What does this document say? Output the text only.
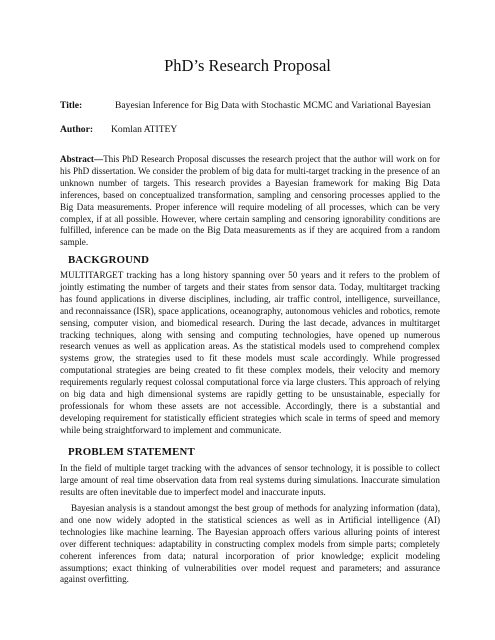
PhD’s Research Proposal
Title:	Bayesian Inference for Big Data with Stochastic MCMC and Variational Bayesian
Author: Komlan ATITEY
Abstract—This PhD Research Proposal discusses the research project that the author will work on for his PhD dissertation. We consider the problem of big data for multi-target tracking in the presence of an unknown number of targets. This research provides a Bayesian framework for making Big Data inferences, based on conceptualized transformation, sampling and censoring processes applied to the Big Data measurements. Proper inference will require modeling of all processes, which can be very complex, if at all possible. However, where certain sampling and censoring ignorability conditions are fulfilled, inference can be made on the Big Data measurements as if they are acquired from a random sample.
BACKGROUND
MULTITARGET tracking has a long history spanning over 50 years and it refers to the problem of jointly estimating the number of targets and their states from sensor data. Today, multitarget tracking has found applications in diverse disciplines, including, air traffic control, intelligence, surveillance, and reconnaissance (ISR), space applications, oceanography, autonomous vehicles and robotics, remote sensing, computer vision, and biomedical research. During the last decade, advances in multitarget tracking techniques, along with sensing and computing technologies, have opened up numerous research venues as well as application areas. As the statistical models used to comprehend complex systems grow, the strategies used to fit these models must scale accordingly. While progressed computational strategies are being created to fit these complex models, their velocity and memory requirements regularly request colossal computational force via large clusters. This approach of relying on big data and high dimensional systems are rapidly getting to be unsustainable, especially for professionals for whom these assets are not accessible. Accordingly, there is a substantial and developing requirement for statistically efficient strategies which scale in terms of speed and memory while being straightforward to implement and communicate.
PROBLEM STATEMENT
In the field of multiple target tracking with the advances of sensor technology, it is possible to collect large amount of real time observation data from real systems during simulations. Inaccurate simulation results are often inevitable due to imperfect model and inaccurate inputs.
Bayesian analysis is a standout amongst the best group of methods for analyzing information (data), and one now widely adopted in the statistical sciences as well as in Artificial intelligence (AI) technologies like machine learning. The Bayesian approach offers various alluring points of interest over different techniques: adaptability in constructing complex models from simple parts; completely coherent inferences from data; natural incorporation of prior knowledge; explicit modeling assumptions; exact thinking of vulnerabilities over model request and parameters; and assurance against overfitting.
